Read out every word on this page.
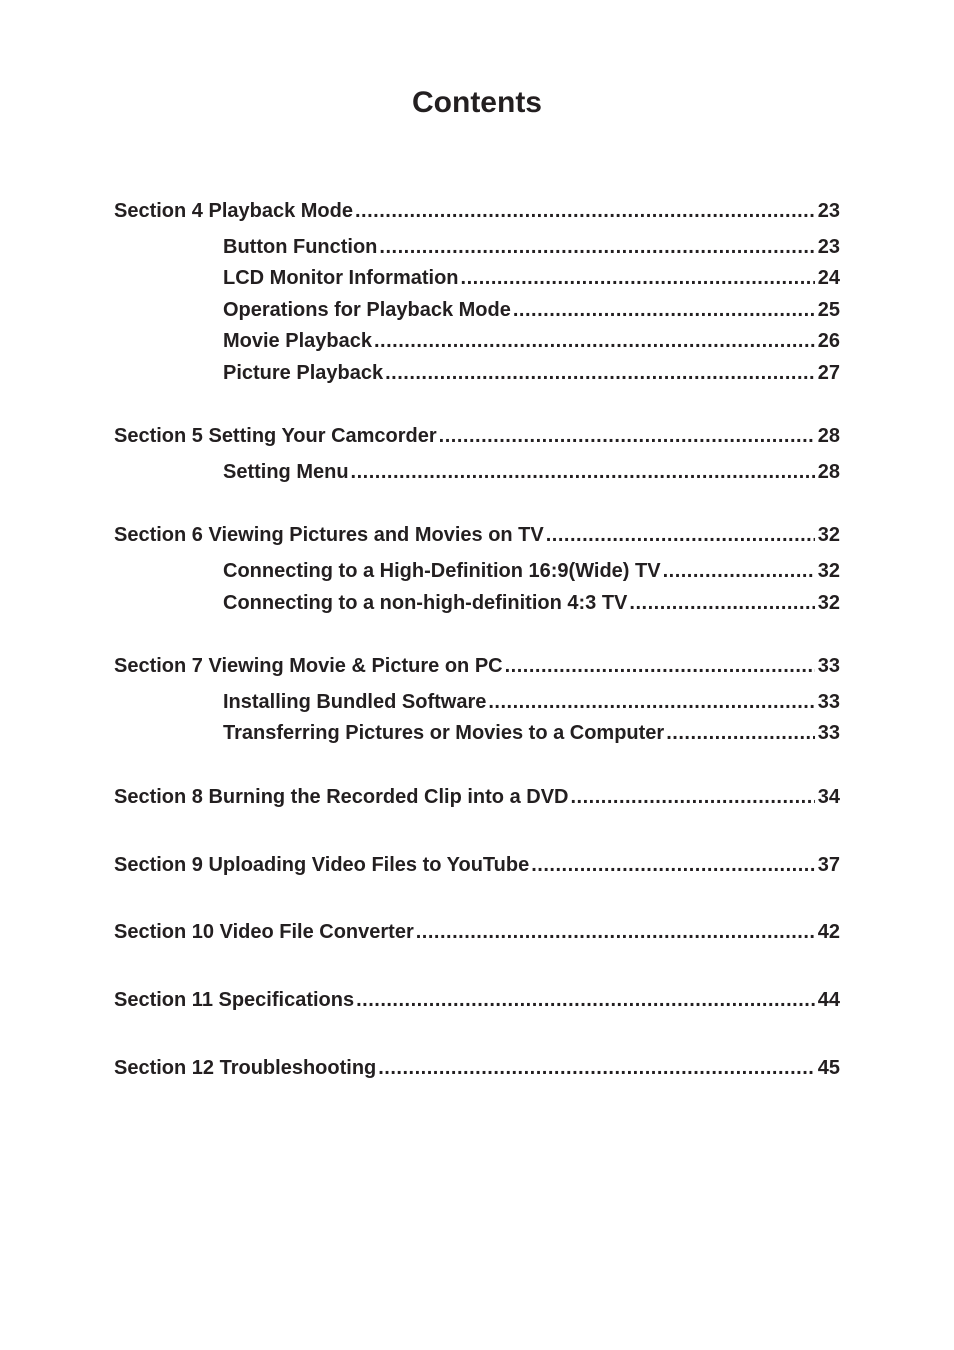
Contents
Section 4 Playback Mode .....	23
Button Function .....	23
LCD Monitor Information .....	24
Operations for Playback Mode .....	25
Movie Playback .....	26
Picture Playback .....	27
Section 5 Setting Your Camcorder .....	28
Setting Menu .....	28
Section 6 Viewing Pictures and Movies on TV .....	32
Connecting to a High-Definition 16:9(Wide) TV .....	32
Connecting to a non-high-definition 4:3 TV .....	32
Section 7 Viewing Movie & Picture on PC .....	33
Installing Bundled Software .....	33
Transferring Pictures or Movies to a Computer .....	33
Section 8 Burning the Recorded Clip into a DVD .....	34
Section 9 Uploading Video Files to YouTube .....	37
Section 10 Video File Converter .....	42
Section 11 Specifications .....	44
Section 12 Troubleshooting .....	45
